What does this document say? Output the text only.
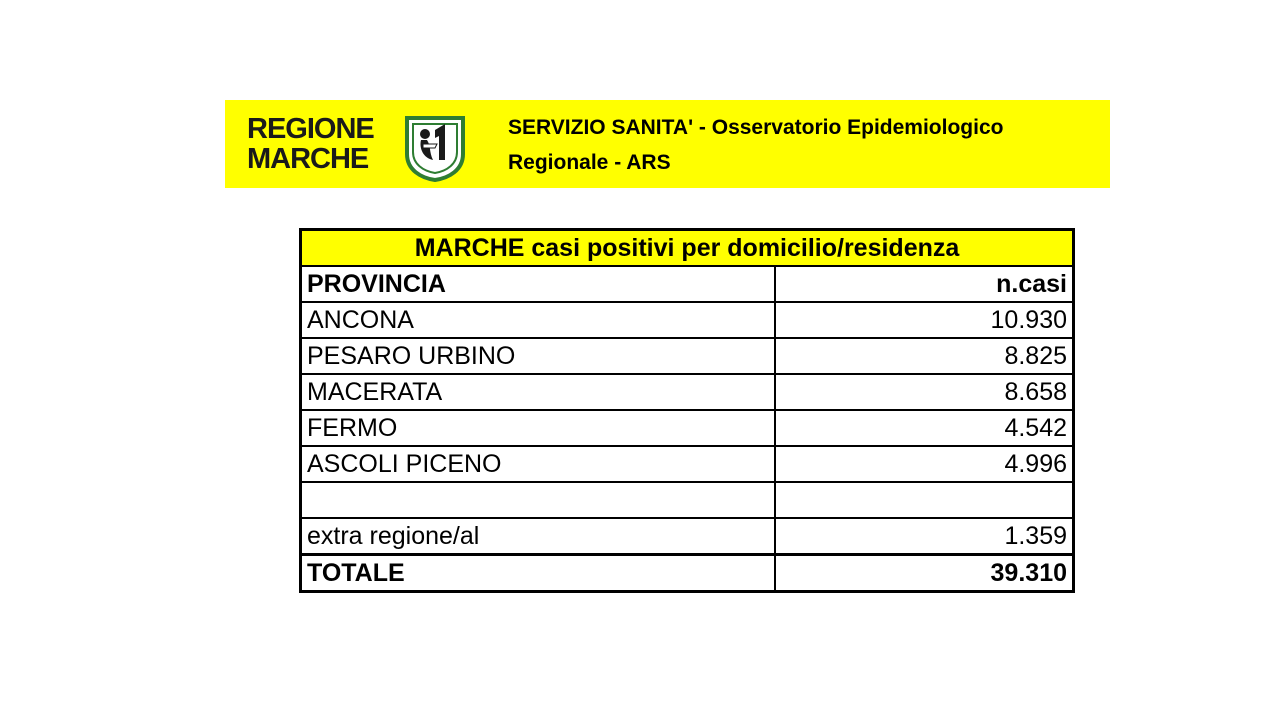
REGIONE
MARCHE
SERVIZIO SANITA' - Osservatorio Epidemiologico
Regionale - ARS
MARCHE casi positivi per domicilio/residenza	
PROVINCIA	n.casi
ANCONA	10.930
PESARO URBINO	8.825
MACERATA	8.658
FERMO	4.542
ASCOLI PICENO	4.996

extra regione/al	1.359
TOTALE	39.310
